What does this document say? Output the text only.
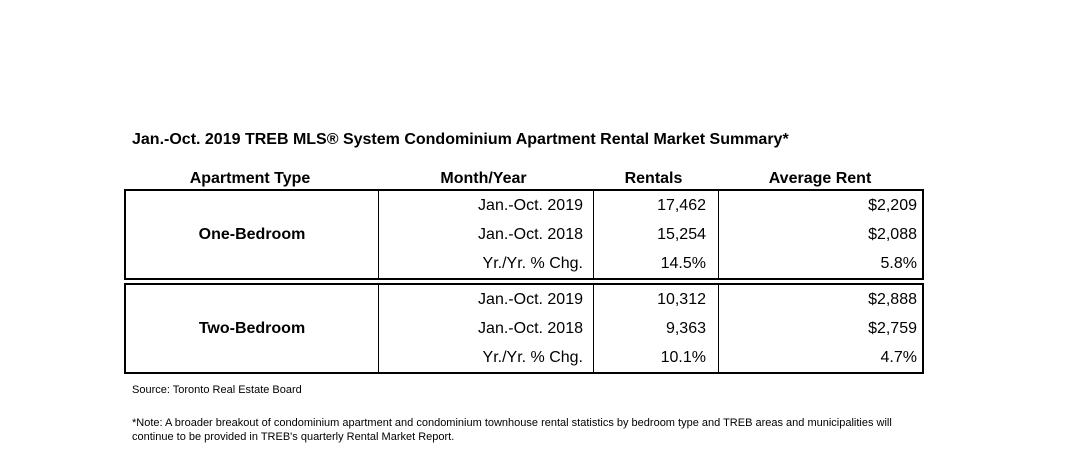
Jan.-Oct. 2019 TREB MLS® System Condominium Apartment Rental Market Summary*
Apartment Type	Month/Year	Rentals	Average Rent
One-Bedroom
Jan.-Oct. 2019	17,462	$2,209
Jan.-Oct. 2018	15,254	$2,088
Yr./Yr. % Chg.	14.5%	5.8%
Two-Bedroom
Jan.-Oct. 2019	10,312	$2,888
Jan.-Oct. 2018	9,363	$2,759
Yr./Yr. % Chg.	10.1%	4.7%
Source: Toronto Real Estate Board
*Note: A broader breakout of condominium apartment and condominium townhouse rental statistics by bedroom type and TREB areas and municipalities will continue to be provided in TREB's quarterly Rental Market Report.
